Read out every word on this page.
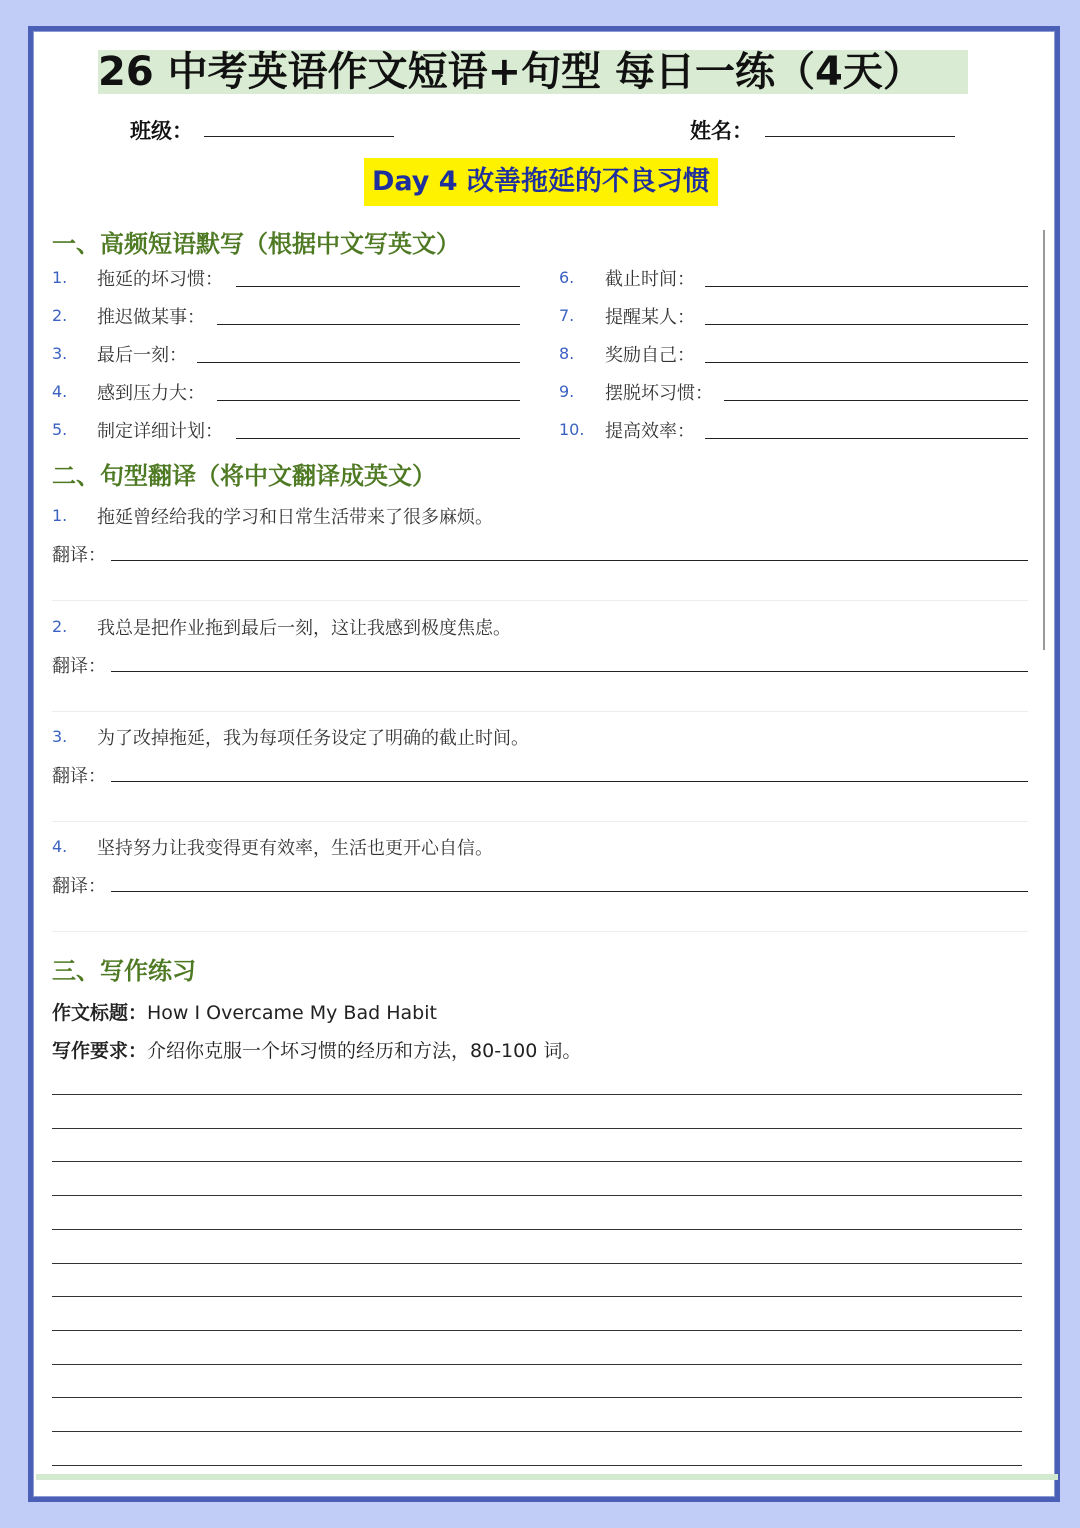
26 中考英语作文短语+句型 每日一练（4天）
班级：	姓名：
Day 4 改善拖延的不良习惯
一、高频短语默写（根据中文写英文）
1. 拖延的坏习惯：
2. 推迟做某事：
3. 最后一刻：
4. 感到压力大：
5. 制定详细计划：
6. 截止时间：
7. 提醒某人：
8. 奖励自己：
9. 摆脱坏习惯：
10. 提高效率：
二、句型翻译（将中文翻译成英文）
1. 拖延曾经给我的学习和日常生活带来了很多麻烦。
翻译：
2. 我总是把作业拖到最后一刻，这让我感到极度焦虑。
翻译：
3. 为了改掉拖延，我为每项任务设定了明确的截止时间。
翻译：
4. 坚持努力让我变得更有效率，生活也更开心自信。
翻译：
三、写作练习
作文标题：How I Overcame My Bad Habit
写作要求：介绍你克服一个坏习惯的经历和方法，80-100 词。
